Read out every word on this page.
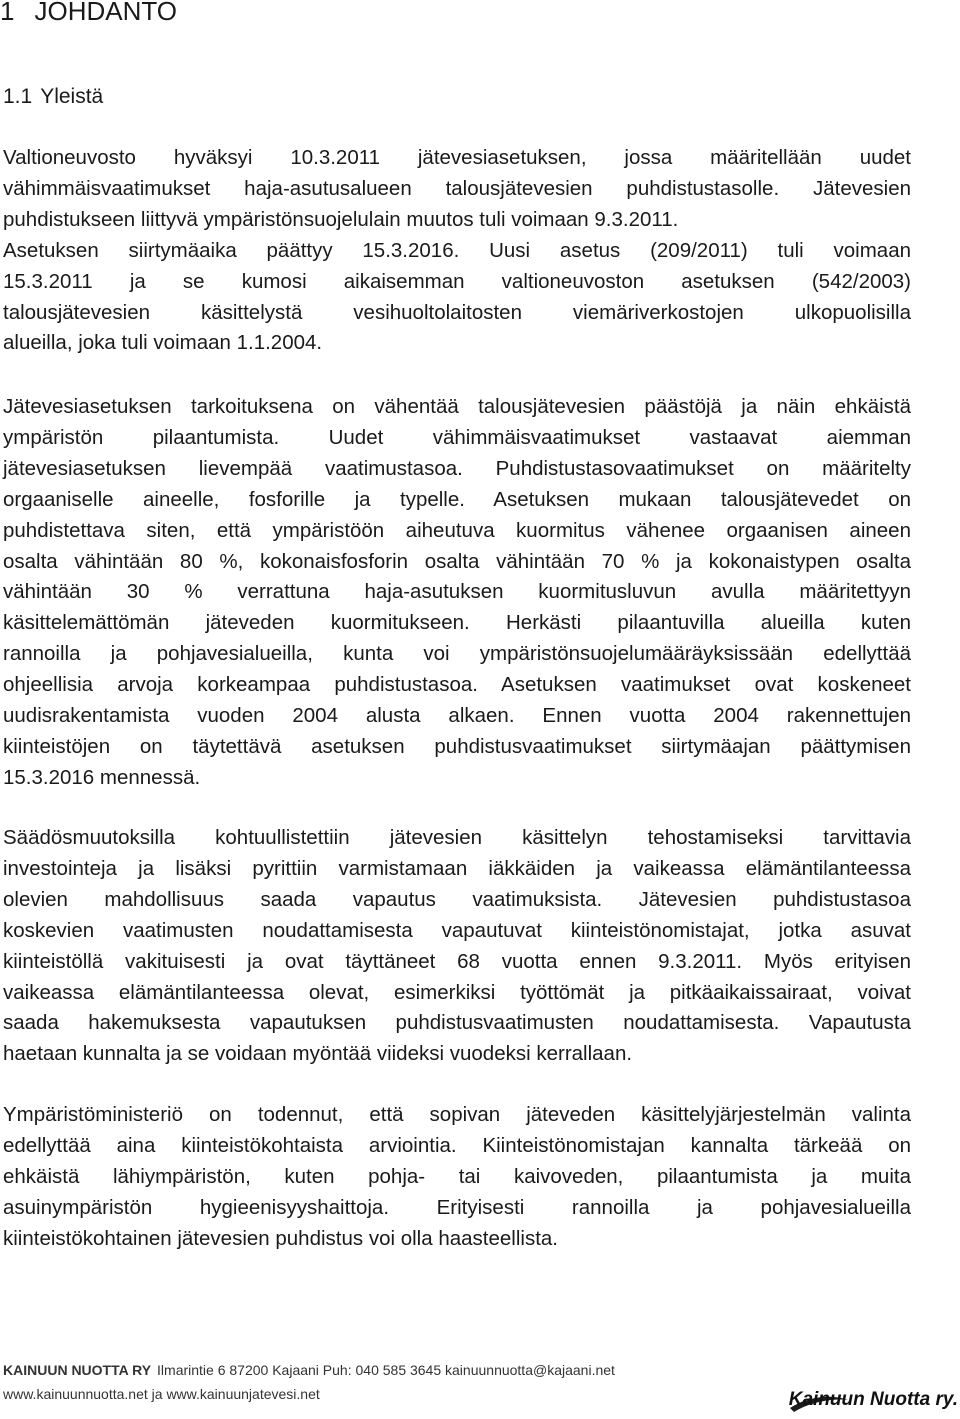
1 JOHDANTO
1.1 Yleistä
Valtioneuvosto hyväksyi 10.3.2011 jätevesiasetuksen, jossa määritellään uudet
vähimmäisvaatimukset haja-asutusalueen talousjätevesien puhdistustasolle. Jätevesien
puhdistukseen liittyvä ympäristönsuojelulain muutos tuli voimaan 9.3.2011.
Asetuksen siirtymäaika päättyy 15.3.2016. Uusi asetus (209/2011) tuli voimaan
15.3.2011 ja se kumosi aikaisemman valtioneuvoston asetuksen (542/2003)
talousjätevesien käsittelystä vesihuoltolaitosten viemäriverkostojen ulkopuolisilla
alueilla, joka tuli voimaan 1.1.2004.
Jätevesiasetuksen tarkoituksena on vähentää talousjätevesien päästöjä ja näin ehkäistä
ympäristön pilaantumista. Uudet vähimmäisvaatimukset vastaavat aiemman
jätevesiasetuksen lievempää vaatimustasoa. Puhdistustasovaatimukset on määritelty
orgaaniselle aineelle, fosforille ja typelle. Asetuksen mukaan talousjätevedet on
puhdistettava siten, että ympäristöön aiheutuva kuormitus vähenee orgaanisen aineen
osalta vähintään 80 %, kokonaisfosforin osalta vähintään 70 % ja kokonaistypen osalta
vähintään 30 % verrattuna haja-asutuksen kuormitusluvun avulla määritettyyn
käsittelemättömän jäteveden kuormitukseen. Herkästi pilaantuvilla alueilla kuten
rannoilla ja pohjavesialueilla, kunta voi ympäristönsuojelumääräyksissään edellyttää
ohjeellisia arvoja korkeampaa puhdistustasoa. Asetuksen vaatimukset ovat koskeneet
uudisrakentamista vuoden 2004 alusta alkaen. Ennen vuotta 2004 rakennettujen
kiinteistöjen on täytettävä asetuksen puhdistusvaatimukset siirtymäajan päättymisen
15.3.2016 mennessä.
Säädösmuutoksilla kohtuullistettiin jätevesien käsittelyn tehostamiseksi tarvittavia
investointeja ja lisäksi pyrittiin varmistamaan iäkkäiden ja vaikeassa elämäntilanteessa
olevien mahdollisuus saada vapautus vaatimuksista. Jätevesien puhdistustasoa
koskevien vaatimusten noudattamisesta vapautuvat kiinteistönomistajat, jotka asuvat
kiinteistöllä vakituisesti ja ovat täyttäneet 68 vuotta ennen 9.3.2011. Myös erityisen
vaikeassa elämäntilanteessa olevat, esimerkiksi työttömät ja pitkäaikaissairaat, voivat
saada hakemuksesta vapautuksen puhdistusvaatimusten noudattamisesta. Vapautusta
haetaan kunnalta ja se voidaan myöntää viideksi vuodeksi kerrallaan.
Ympäristöministeriö on todennut, että sopivan jäteveden käsittelyjärjestelmän valinta
edellyttää aina kiinteistökohtaista arviointia. Kiinteistönomistajan kannalta tärkeää on
ehkäistä lähiympäristön, kuten pohja- tai kaivoveden, pilaantumista ja muita
asuinympäristön hygieenisyyshaittoja. Erityisesti rannoilla ja pohjavesialueilla
kiinteistökohtainen jätevesien puhdistus voi olla haasteellista.
KAINUUN NUOTTA RY Ilmarintie 6 87200 Kajaani Puh: 040 585 3645 kainuunnuotta@kajaani.net
www.kainuunnuotta.net ja www.kainuunjatevesi.net	Kainuun Nuotta ry.
